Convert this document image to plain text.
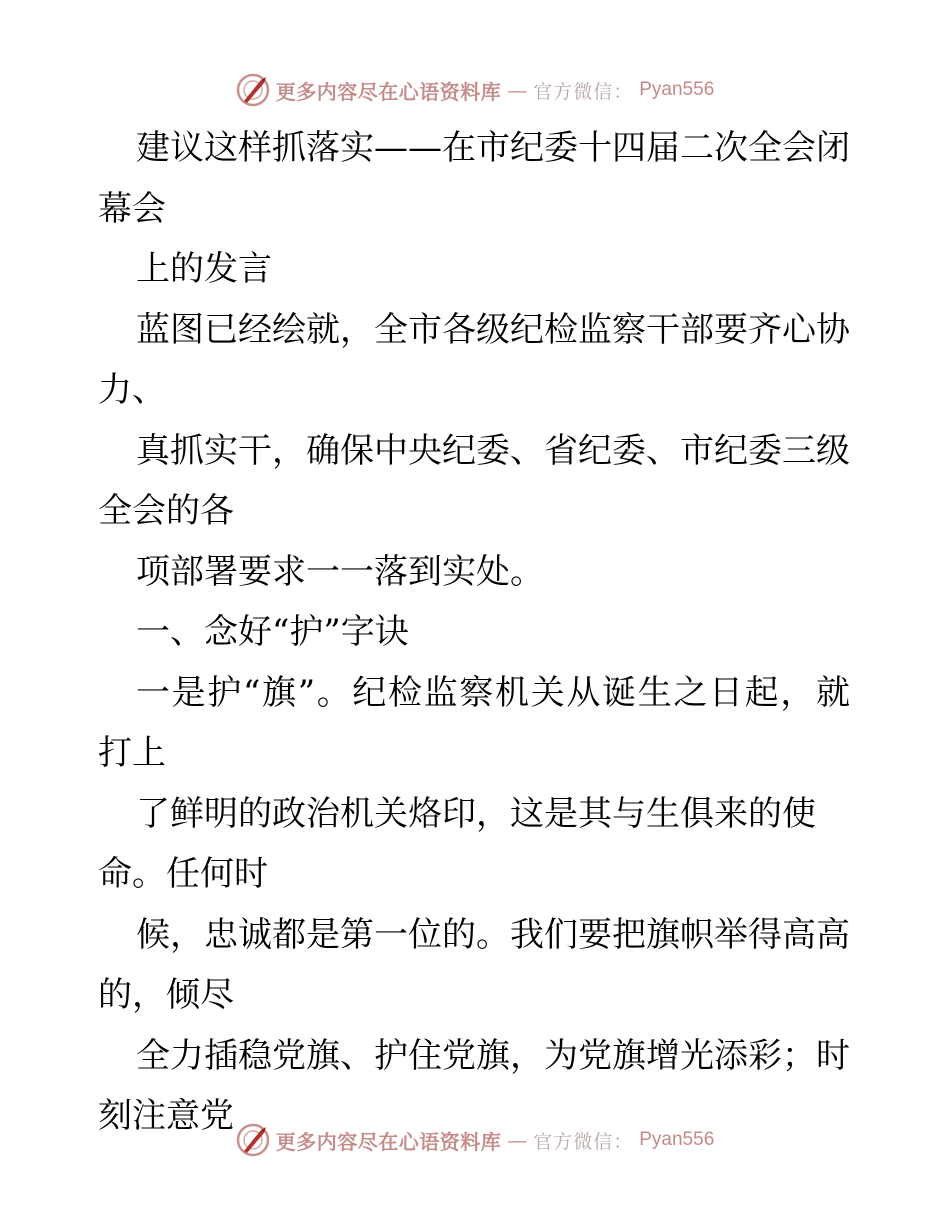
更多内容尽在心语资料库 — 官方微信： Pyan556
建议这样抓落实——在市纪委十四届二次全会闭
幕会
上的发言
蓝图已经绘就，全市各级纪检监察干部要齐心协
力、
真抓实干，确保中央纪委、省纪委、市纪委三级
全会的各
项部署要求一一落到实处。
一、念好“护”字诀
一是护“旗”。纪检监察机关从诞生之日起，就
打上
了鲜明的政治机关烙印，这是其与生俱来的使
命。任何时
候，忠诚都是第一位的。我们要把旗帜举得高高
的，倾尽
全力插稳党旗、护住党旗，为党旗增光添彩；时
刻注意党
更多内容尽在心语资料库 — 官方微信： Pyan556
